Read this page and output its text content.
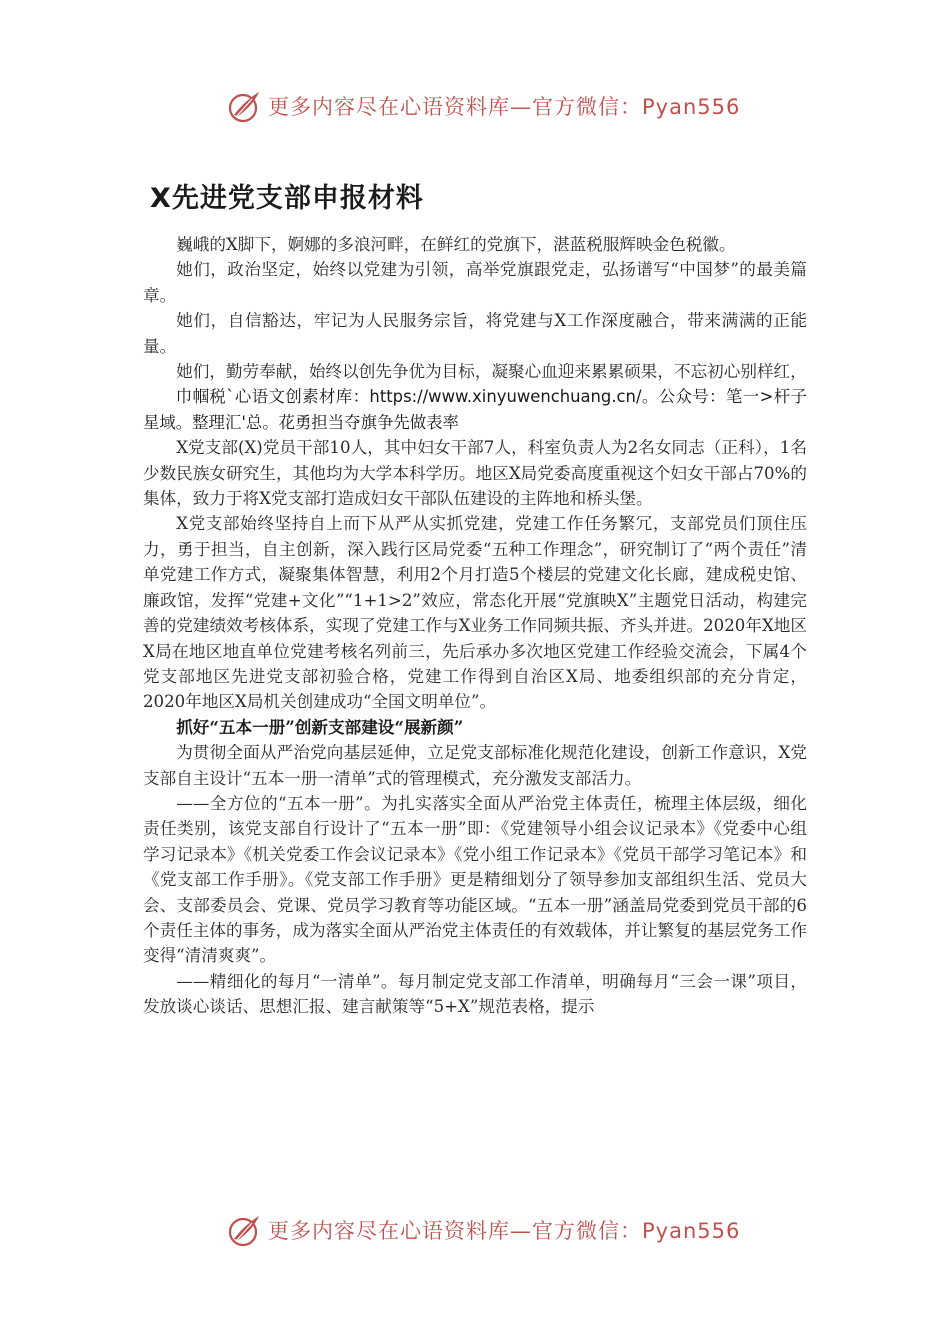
更多内容尽在心语资料库—官方微信：Pyan556
X先进党支部申报材料

巍峨的X脚下，婀娜的多浪河畔，在鲜红的党旗下，湛蓝税服辉映金色税徽。

她们，政治坚定，始终以党建为引领，高举党旗跟党走，弘扬谱写“中国梦”的最美篇章。

她们，自信豁达，牢记为人民服务宗旨，将党建与X工作深度融合，带来满满的正能量。

她们，勤劳奉献，始终以创先争优为目标，凝聚心血迎来累累硕果，不忘初心别样红，

巾帼税`心语文创素材库：https://www.xinyuwenchuang.cn/。公众号：笔一>杆子星域。整理汇'总。花勇担当夺旗争先做表率

X党支部(X)党员干部10人，其中妇女干部7人，科室负责人为2名女同志（正科），1名少数民族女研究生，其他均为大学本科学历。地区X局党委高度重视这个妇女干部占70%的集体，致力于将X党支部打造成妇女干部队伍建设的主阵地和桥头堡。

X党支部始终坚持自上而下从严从实抓党建，党建工作任务繁冗，支部党员们顶住压力，勇于担当，自主创新，深入践行区局党委“五种工作理念”，研究制订了“两个责任”清单党建工作方式，凝聚集体智慧，利用2个月打造5个楼层的党建文化长廊，建成税史馆、廉政馆，发挥“党建+文化”“1+1>2”效应，常态化开展“党旗映X”主题党日活动，构建完善的党建绩效考核体系，实现了党建工作与X业务工作同频共振、齐头并进。2020年X地区X局在地区地直单位党建考核名列前三，先后承办多次地区党建工作经验交流会，下属4个党支部地区先进党支部初验合格，党建工作得到自治区X局、地委组织部的充分肯定，2020年地区X局机关创建成功“全国文明单位”。

抓好“五本一册”创新支部建设“展新颜”

为贯彻全面从严治党向基层延伸，立足党支部标准化规范化建设，创新工作意识，X党支部自主设计“五本一册一清单”式的管理模式，充分激发支部活力。

——全方位的“五本一册”。为扎实落实全面从严治党主体责任，梳理主体层级，细化责任类别，该党支部自行设计了“五本一册”即：《党建领导小组会议记录本》《党委中心组学习记录本》《机关党委工作会议记录本》《党小组工作记录本》《党员干部学习笔记本》和《党支部工作手册》。《党支部工作手册》更是精细划分了领导参加支部组织生活、党员大会、支部委员会、党课、党员学习教育等功能区域。“五本一册”涵盖局党委到党员干部的6个责任主体的事务，成为落实全面从严治党主体责任的有效载体，并让繁复的基层党务工作变得“清清爽爽”。

——精细化的每月“一清单”。每月制定党支部工作清单，明确每月“三会一课”项目，发放谈心谈话、思想汇报、建言献策等“5+X”规范表格，提示

更多内容尽在心语资料库—官方微信：Pyan556
